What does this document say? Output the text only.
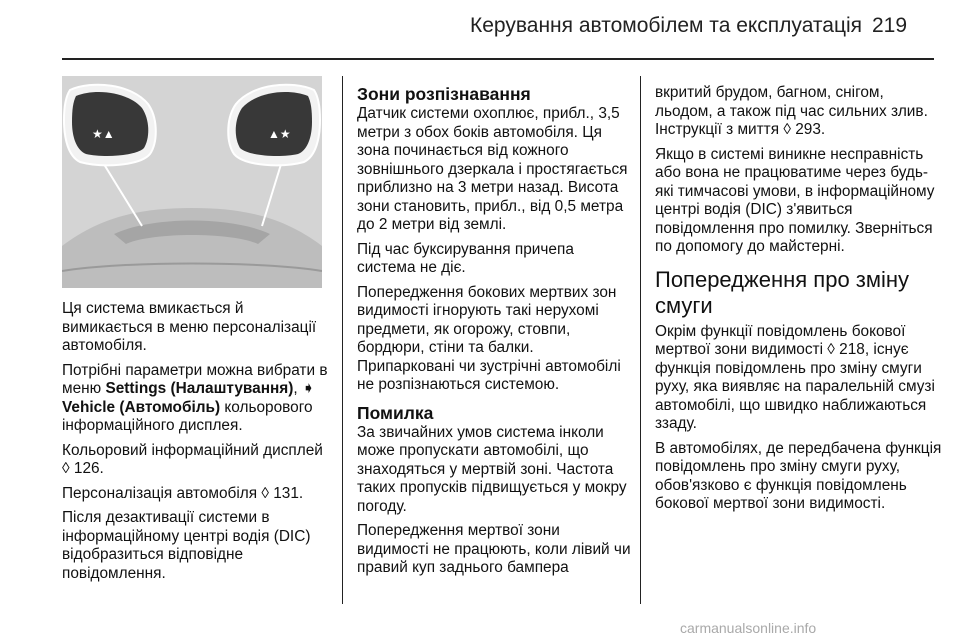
Керування автомобілем та експлуатація 219
★▲	▲★

Ця система вмикається й вимикається в меню персоналізації автомобіля.

Потрібні параметри можна вибрати в меню Settings (Налаштування), ➧
Vehicle (Автомобіль) кольорового інформаційного дисплея.

Кольоровий інформаційний дисплей ◊ 126.

Персоналізація автомобіля ◊ 131.

Після дезактивації системи в інформаційному центрі водія (DIC) відобразиться відповідне повідомлення.

Зони розпізнавання

Датчик системи охоплює, прибл., 3,5 метри з обох боків автомобіля. Ця зона починається від кожного зовнішнього дзеркала і простягається приблизно на 3 метри назад. Висота зони становить, прибл., від 0,5 метра до 2 метри від землі.

Під час буксирування причепа система не діє.

Попередження бокових мертвих зон видимості ігнорують такі нерухомі предмети, як огорожу, стовпи, бордюри, стіни та балки. Припарковані чи зустрічні автомобілі не розпізнаються системою.

Помилка

За звичайних умов система інколи може пропускати автомобілі, що знаходяться у мертвій зоні. Частота таких пропусків підвищується у мокру погоду.

Попередження мертвої зони видимості не працюють, коли лівий чи правий куп заднього бампера

вкритий брудом, багном, снігом, льодом, а також під час сильних злив. Інструкції з миття ◊ 293.

Якщо в системі виникне несправність або вона не працюватиме через будь-які тимчасові умови, в інформаційному центрі водія (DIC) з'явиться повідомлення про помилку. Зверніться по допомогу до майстерні.

Попередження про зміну смуги

Окрім функції повідомлень бокової мертвої зони видимості ◊ 218, існує функція повідомлень про зміну смуги руху, яка виявляє на паралельній смузі автомобілі, що швидко наближаються ззаду.

В автомобілях, де передбачена функція повідомлень про зміну смуги руху, обов'язково є функція повідомлень бокової мертвої зони видимості.

carmanualsonline.info
